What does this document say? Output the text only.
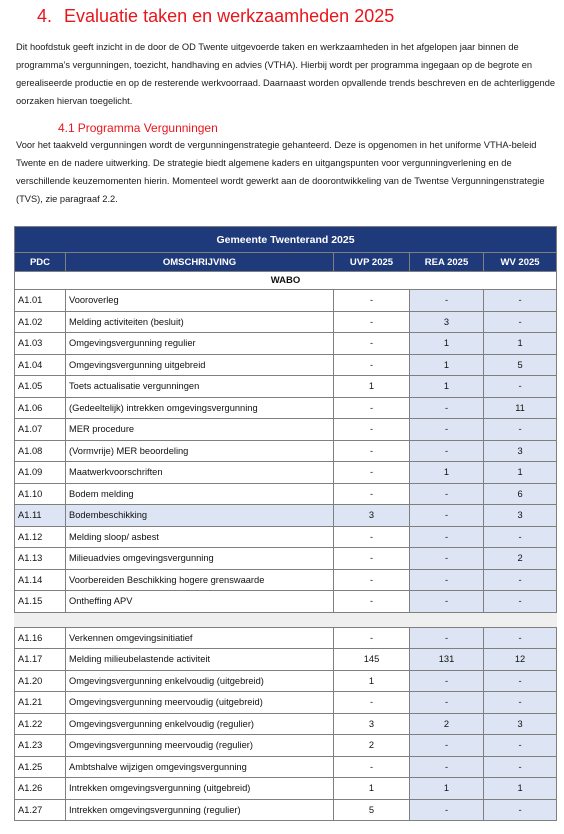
4. Evaluatie taken en werkzaamheden 2025

Dit hoofdstuk geeft inzicht in de door de OD Twente uitgevoerde taken en werkzaamheden in het afgelopen jaar binnen de programma’s vergunningen, toezicht, handhaving en advies (VTHA). Hierbij wordt per programma ingegaan op de begrote en gerealiseerde productie en op de resterende werkvoorraad. Daarnaast worden opvallende trends beschreven en de achterliggende oorzaken hiervan toegelicht.

4.1 Programma Vergunningen

Voor het taakveld vergunningen wordt de vergunningenstrategie gehanteerd. Deze is opgenomen in het uniforme VTHA-beleid Twente en de nadere uitwerking. De strategie biedt algemene kaders en uitgangspunten voor vergunningverlening en de verschillende keuzemomenten hierin. Momenteel wordt gewerkt aan de doorontwikkeling van de Twentse Vergunningenstrategie (TVS), zie paragraaf 2.2.

Gemeente Twenterand 2025				
PDC	OMSCHRIJVING	UVP 2025	REA 2025	WV 2025
WABO				
A1.01	Vooroverleg	-	-	-
A1.02	Melding activiteiten (besluit)	-	3	-
A1.03	Omgevingsvergunning regulier	-	1	1
A1.04	Omgevingsvergunning uitgebreid	-	1	5
A1.05	Toets actualisatie vergunningen	1	1	-
A1.06	(Gedeeltelijk) intrekken omgevingsvergunning	-	-	11
A1.07	MER procedure	-	-	-
A1.08	(Vormvrije) MER beoordeling	-	-	3
A1.09	Maatwerkvoorschriften	-	1	1
A1.10	Bodem melding	-	-	6
A1.11	Bodembeschikking	3	-	3
A1.12	Melding sloop/ asbest	-	-	-
A1.13	Milieuadvies omgevingsvergunning	-	-	2
A1.14	Voorbereiden Beschikking hogere grenswaarde	-	-	-
A1.15	Ontheffing APV	-	-	-

A1.16	Verkennen omgevingsinitiatief	-	-	-
A1.17	Melding milieubelastende activiteit	145	131	12
A1.20	Omgevingsvergunning enkelvoudig (uitgebreid)	1	-	-
A1.21	Omgevingsvergunning meervoudig (uitgebreid)	-	-	-
A1.22	Omgevingsvergunning enkelvoudig (regulier)	3	2	3
A1.23	Omgevingsvergunning meervoudig (regulier)	2	-	-
A1.25	Ambtshalve wijzigen omgevingsvergunning	-	-	-
A1.26	Intrekken omgevingsvergunning (uitgebreid)	1	1	1
A1.27	Intrekken omgevingsvergunning (regulier)	5	-	-
